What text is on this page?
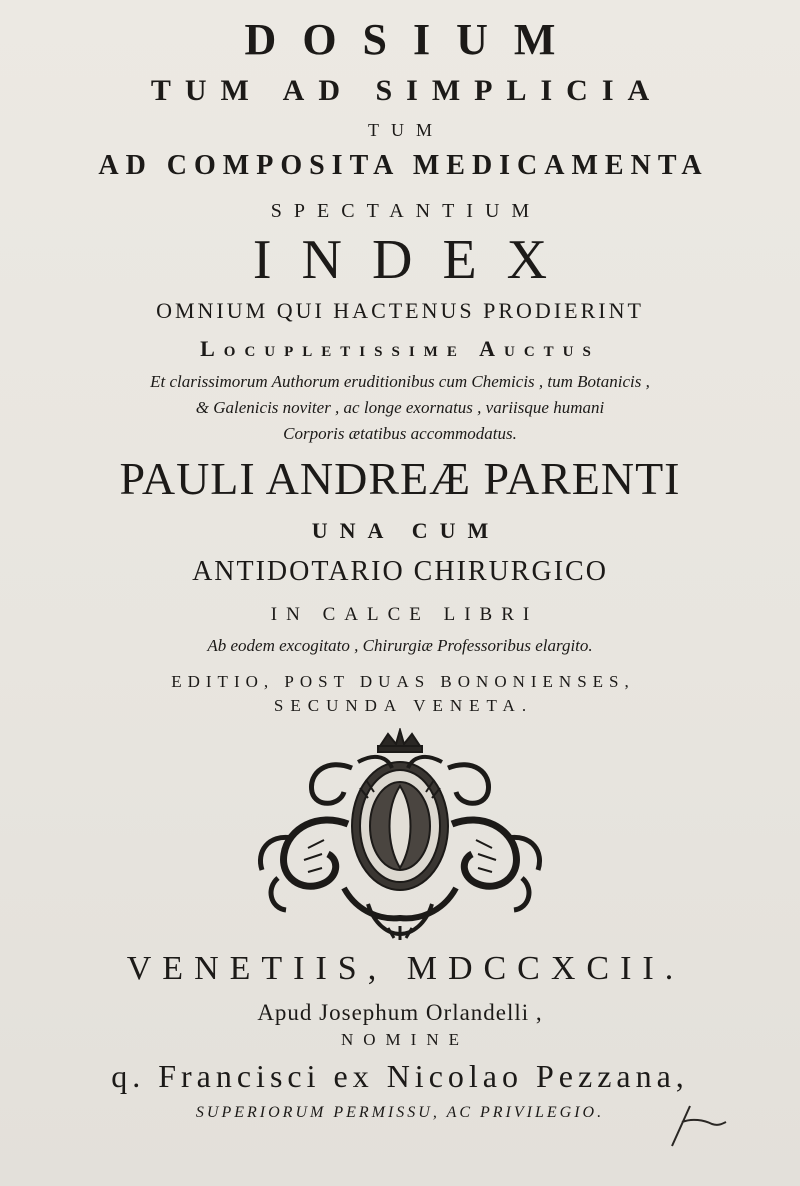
DOSIUM
TUM AD SIMPLICIA
TUM
AD COMPOSITA MEDICAMENTA
SPECTANTIUM
INDEX
OMNIUM QUI HACTENUS PRODIERINT
Locupletissime Auctus
Et clarissimorum Authorum eruditionibus cum Chemicis , tum Botanicis ,
& Galenicis noviter , ac longe exornatus , variisque humani
Corporis ætatibus accommodatus.
PAULI ANDREÆ PARENTI
UNA CUM
ANTIDOTARIO CHIRURGICO
IN CALCE LIBRI
Ab eodem excogitato , Chirurgiæ Professoribus elargito.
EDITIO, POST DUAS BONONIENSES,
SECUNDA VENETA.
VENETIIS, MDCCXCII.
Apud Josephum Orlandelli ,
NOMINE
q. Francisci ex Nicolao Pezzana,
SUPERIORUM PERMISSU, AC PRIVILEGIO.
